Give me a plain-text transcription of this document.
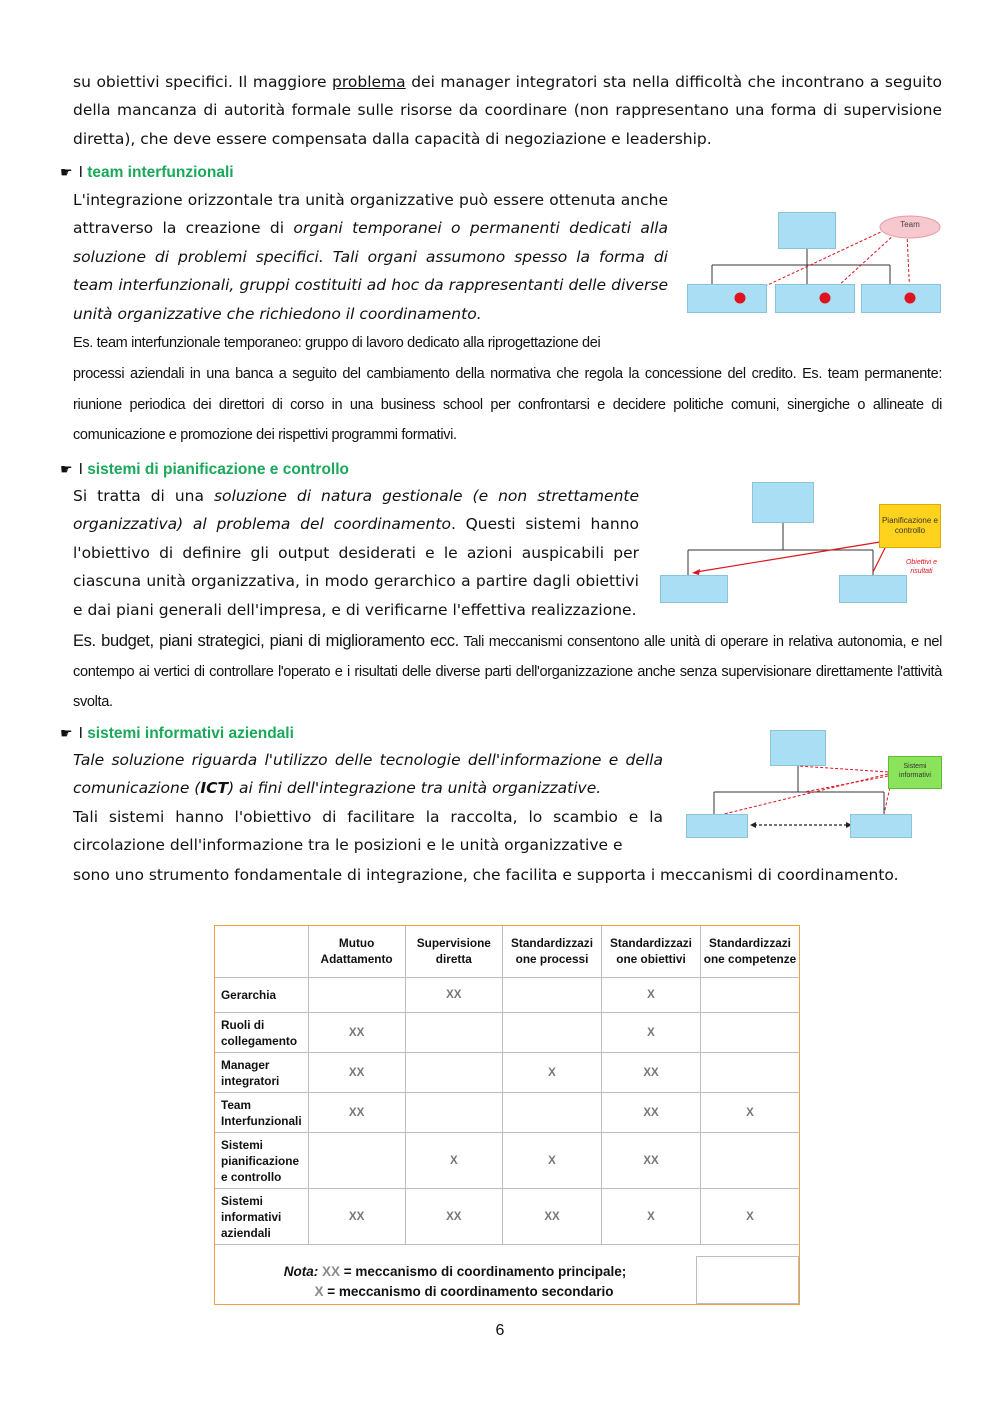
su obiettivi specifici. Il maggiore problema dei manager integratori sta nella difficoltà che incontrano a seguito della mancanza di autorità formale sulle risorse da coordinare (non rappresentano una forma di supervisione diretta), che deve essere compensata dalla capacità di negoziazione e leadership.

☛ I team interfunzionali

L'integrazione orizzontale tra unità organizzative può essere ottenuta anche attraverso la creazione di organi temporanei o permanenti dedicati alla soluzione di problemi specifici. Tali organi assumono spesso la forma di team interfunzionali, gruppi costituiti ad hoc da rappresentanti delle diverse unità organizzative che richiedono il coordinamento.

Es. team interfunzionale temporaneo: gruppo di lavoro dedicato alla riprogettazione dei

processi aziendali in una banca a seguito del cambiamento della normativa che regola la concessione del credito. Es. team permanente: riunione periodica dei direttori di corso in una business school per confrontarsi e decidere politiche comuni, sinergiche o allineate di comunicazione e promozione dei rispettivi programmi formativi.

Team
☛ I sistemi di pianificazione e controllo

Si tratta di una soluzione di natura gestionale (e non strettamente organizzativa) al problema del coordinamento. Questi sistemi hanno l'obiettivo di definire gli output desiderati e le azioni auspicabili per ciascuna unità organizzativa, in modo gerarchico a partire dagli obiettivi e dai piani generali dell'impresa, e di verificarne l'effettiva realizzazione.

Es. budget, piani strategici, piani di miglioramento ecc. Tali meccanismi consentono alle unità di operare in relativa autonomia, e nel contempo ai vertici di controllare l'operato e i risultati delle diverse parti dell'organizzazione anche senza supervisionare direttamente l'attività svolta.

Pianificazione e controllo
Obiettivi e risultati
☛ I sistemi informativi aziendali

Tale soluzione riguarda l'utilizzo delle tecnologie dell'informazione e della comunicazione (ICT) ai fini dell'integrazione tra unità organizzative.

Tali sistemi hanno l'obiettivo di facilitare la raccolta, lo scambio e la circolazione dell'informazione tra le posizioni e le unità organizzative e

sono uno strumento fondamentale di integrazione, che facilita e supporta i meccanismi di coordinamento.

Sistemi informativi
	Mutuo Adattamento	Supervisione diretta	Standardizzazi one processi	Standardizzazi one obiettivi	Standardizzazi one competenze
Gerarchia		XX		X	
Ruoli di collegamento	XX			X	
Manager integratori	XX		X	XX	
Team Interfunzionali	XX			XX	X
Sistemi pianificazione e controllo		X	X	XX	
Sistemi informativi aziendali	XX	XX	XX	X	X
Nota: XX = meccanismo di coordinamento principale;
X = meccanismo di coordinamento secondario
6
